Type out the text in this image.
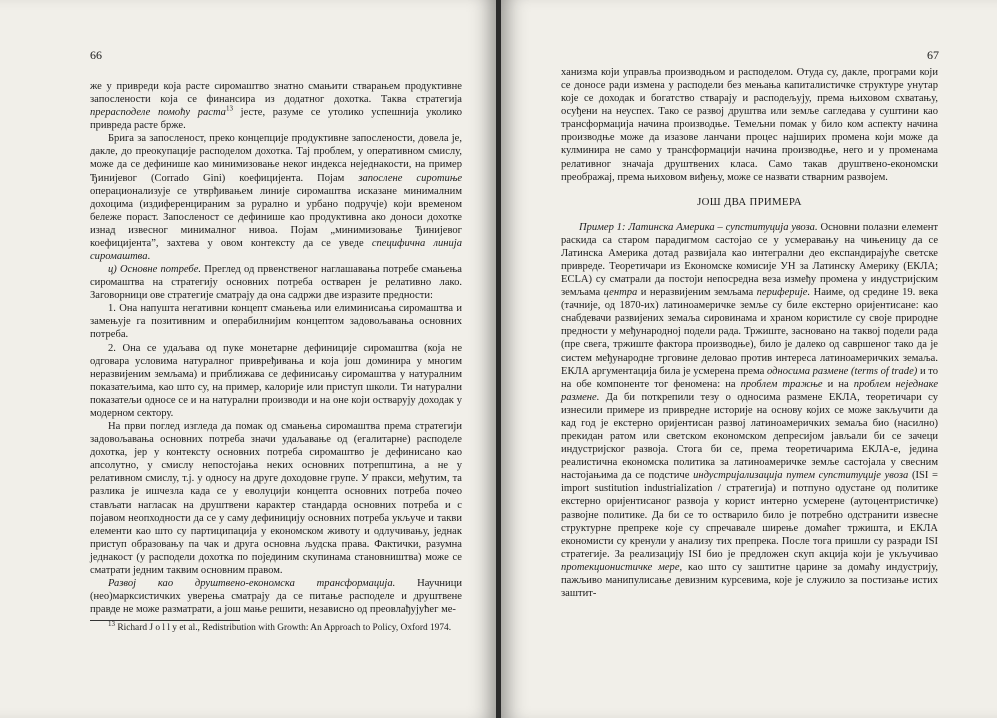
66

же у привреди која расте сиромаштво знатно смањити стварањем продуктивне запослености која се финансира из додатног дохотка. Таква стратегија прерасподеле помоћу раста$^{13}$ јесте, разуме се утолико успешнија уколико привреда расте брже.

Брига за запосленост, преко концепције продуктивне запослености, довела је, дакле, до преокупације расподелом дохотка. Тај проблем, у оперативном смислу, може да се дефинише као минимизовање неког индекса неједнакости, на пример Ђинијевог (Corrado Gini) коефицијента. Појам запослене сиротиње операционализује се утврђивањем линије сиромаштва исказане минималним дохоцима (издиференцираним за рурално и урбано подручје) који временом бележе пораст. Запосленост се дефинише као продуктивна ако доноси дохотке изнад извесног минималног нивоа. Појам „минимизовање Ђинијевог коефицијента”, захтева у овом контексту да се уведе специфична линија сиромаштва.

ц) Основне потребе. Преглед од првенственог наглашавања потребе смањења сиромаштва на стратегију основних потреба остварен је релативно лако. Заговорници ове стратегије сматрају да она садржи две изразите предности:

1. Она напушта негативни концепт смањења или елиминисања сиромаштва и замењује га позитивним и операбилнијим концептом задовољавања основних потреба.

2. Она се удаљава од пуке монетарне дефиниције сиромаштва (која не одговара условима натуралног привређивања и која још доминира у многим неразвијеним земљама) и приближава се дефинисању сиромаштва у натуралним показатељима, као што су, на пример, калорије или приступ школи. Ти натурални показатељи односе се и на натурални производи и на оне који остварују доходак у модерном сектору.

На први поглед изгледа да помак од смањења сиромаштва према стратегији задовољавања основних потреба значи удаљавање од (егалитарне) расподеле дохотка, јер у контексту основних потреба сиромаштво је дефинисано као апсолутно, у смислу непостојања неких основних потрепштина, а не у релативном смислу, т.ј. у односу на друге доходовне групе. У пракси, међутим, та разлика је ишчезла када се у еволуцији концепта основних потреба почео стављати нагласак на друштвени карактер стандарда основних потреба и с појавом неопходности да се у саму дефиницију основних потреба укључе и такви елементи као што су партиципација у економском животу и одлучивању, једнак приступ образовању па чак и друга основна људска права. Фактички, разумна једнакост (у расподели дохотка по појединим скупинама становништва) може се сматрати једним таквим основним правом.

Развој као друштвено-економска трансформација. Научници (нео)марксистичких уверења сматрају да се питање расподеле и друштвене правде не може разматрати, а још мање решити, независно од преовлађујућег ме-

$^{13}$ Richard J o l l y et al., Redistribution with Growth: An Approach to Policy, Oxford 1974.

67

ханизма који управља производњом и расподелом. Отуда су, дакле, програми који се доносе ради измена у расподели без мењања капиталистичке структуре унутар које се доходак и богатство стварају и расподељују, према њиховом схватању, осуђени на неуспех. Тако се развој друштва или земље сагледава у суштини као трансформација начина производње. Темељни помак у било ком аспекту начина производње може да изазове ланчани процес најширих промена који може да кулминира не само у трансформацији начина производње, него и у променама релативног значаја друштвених класа. Само такав друштвено-економски преображај, према њиховом виђењу, може се назвати стварним развојем.

ЈОШ ДВА ПРИМЕРА

Пример 1: Латинска Америка – супституција увоза. Основни полазни елемент раскида са старом парадигмом састојао се у усмеравању на чињеницу да се Латинска Америка дотад развијала као интегрални део експандирајуће светске привреде. Теоретичари из Економске комисије УН за Латинску Америку (ЕКЛА; ECLA) су сматрали да постоји непосредна веза између промена у индустријским земљама центра и неразвијеним земљама периферије. Наиме, од средине 19. века (тачније, од 1870-их) латиноамеричке земље су биле екстерно оријентисане: као снабдевачи развијених земаља сировинама и храном користиле су своје природне предности у међународној подели рада. Тржиште, засновано на таквој подели рада (пре свега, тржиште фактора производње), било је далеко од савршеног тако да је систем међународне трговине деловао против интереса латиноамеричких земаља. ЕКЛА аргументација била је усмерена према односима размене (terms of trade) и то на обе компоненте тог феномена: на проблем тражње и на проблем неједнаке размене. Да би поткрепили тезу о односима размене ЕКЛА, теоретичари су изнесили примере из привредне историје на основу којих се може закључити да кад год је екстерно оријентисан развој латиноамеричких земаља био (насилно) прекидан ратом или светском економском депресијом јављали би се зачеци индустријског развоја. Стога би се, према теоретичарима ЕКЛА-е, једина реалистична економска политика за латиноамеричке земље састојала у свесним настојањима да се подстиче индустријализација путем супституције увоза (ISI = import sustitution industrialization / стратегија) и потпуно одустане од политике екстерно оријентисаног развоја у корист интерно усмерене (аутоцентристичке) развојне политике. Да би се то остварило било је потребно одстранити извесне структурне препреке које су спречавале ширење домаћег тржишта, и ЕКЛА економисти су кренули у анализу тих препрека. После тога пришли су разради ISI стратегије. За реализацију ISI био је предложен скуп акција који је укључивао протекционистичке мере, као што су заштитне царине за домаћу индустрију, пажљиво манипулисање девизним курсевима, које је служило за постизање истих заштит-
